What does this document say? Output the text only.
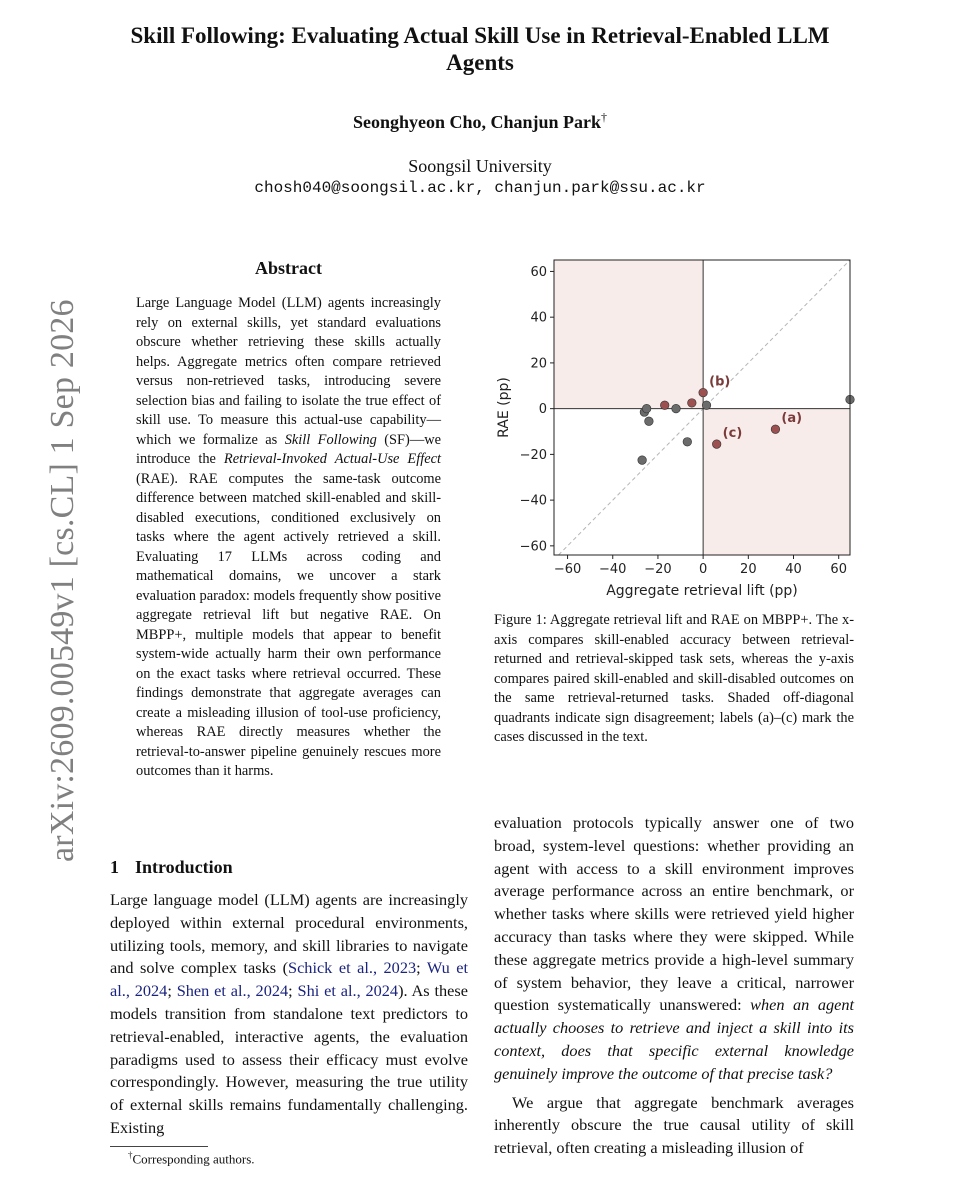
Skill Following: Evaluating Actual Skill Use in Retrieval-Enabled LLM Agents
Seonghyeon Cho, Chanjun Park†
Soongsil University
chosh040@soongsil.ac.kr, chanjun.park@ssu.ac.kr
arXiv:2609.00549v1 [cs.CL] 1 Sep 2026
Abstract
Large Language Model (LLM) agents increasingly rely on external skills, yet standard evaluations obscure whether retrieving these skills actually helps. Aggregate metrics often compare retrieved versus non-retrieved tasks, introducing severe selection bias and failing to isolate the true effect of skill use. To measure this actual-use capability—which we formalize as Skill Following (SF)—we introduce the Retrieval-Invoked Actual-Use Effect (RAE). RAE computes the same-task outcome difference between matched skill-enabled and skill-disabled executions, conditioned exclusively on tasks where the agent actively retrieved a skill. Evaluating 17 LLMs across coding and mathematical domains, we uncover a stark evaluation paradox: models frequently show positive aggregate retrieval lift but negative RAE. On MBPP+, multiple models that appear to benefit system-wide actually harm their own performance on the exact tasks where retrieval occurred. These findings demonstrate that aggregate averages can create a misleading illusion of tool-use proficiency, whereas RAE directly measures whether the retrieval-to-answer pipeline genuinely rescues more outcomes than it harms.
1 Introduction
Large language model (LLM) agents are increasingly deployed within external procedural environments, utilizing tools, memory, and skill libraries to navigate and solve complex tasks (Schick et al., 2023; Wu et al., 2024; Shen et al., 2024; Shi et al., 2024). As these models transition from standalone text predictors to retrieval-enabled, interactive agents, the evaluation paradigms used to assess their efficacy must evolve correspondingly. However, measuring the true utility of external skills remains fundamentally challenging. Existing
†Corresponding authors.
−60 −40 −20 0	20 40 60
−60
−40
−20
0
20
40
60
(b)
(c)
(a)
Aggregate retrieval lift (pp)
RAE (pp)
Figure 1: Aggregate retrieval lift and RAE on MBPP+. The x-axis compares skill-enabled accuracy between retrieval-returned and retrieval-skipped task sets, whereas the y-axis compares paired skill-enabled and skill-disabled outcomes on the same retrieval-returned tasks. Shaded off-diagonal quadrants indicate sign disagreement; labels (a)–(c) mark the cases discussed in the text.

evaluation protocols typically answer one of two broad, system-level questions: whether providing an agent with access to a skill environment improves average performance across an entire benchmark, or whether tasks where skills were retrieved yield higher accuracy than tasks where they were skipped. While these aggregate metrics provide a high-level summary of system behavior, they leave a critical, narrower question systematically unanswered: when an agent actually chooses to retrieve and inject a skill into its context, does that specific external knowledge genuinely improve the outcome of that precise task?

We argue that aggregate benchmark averages inherently obscure the true causal utility of skill retrieval, often creating a misleading illusion of
